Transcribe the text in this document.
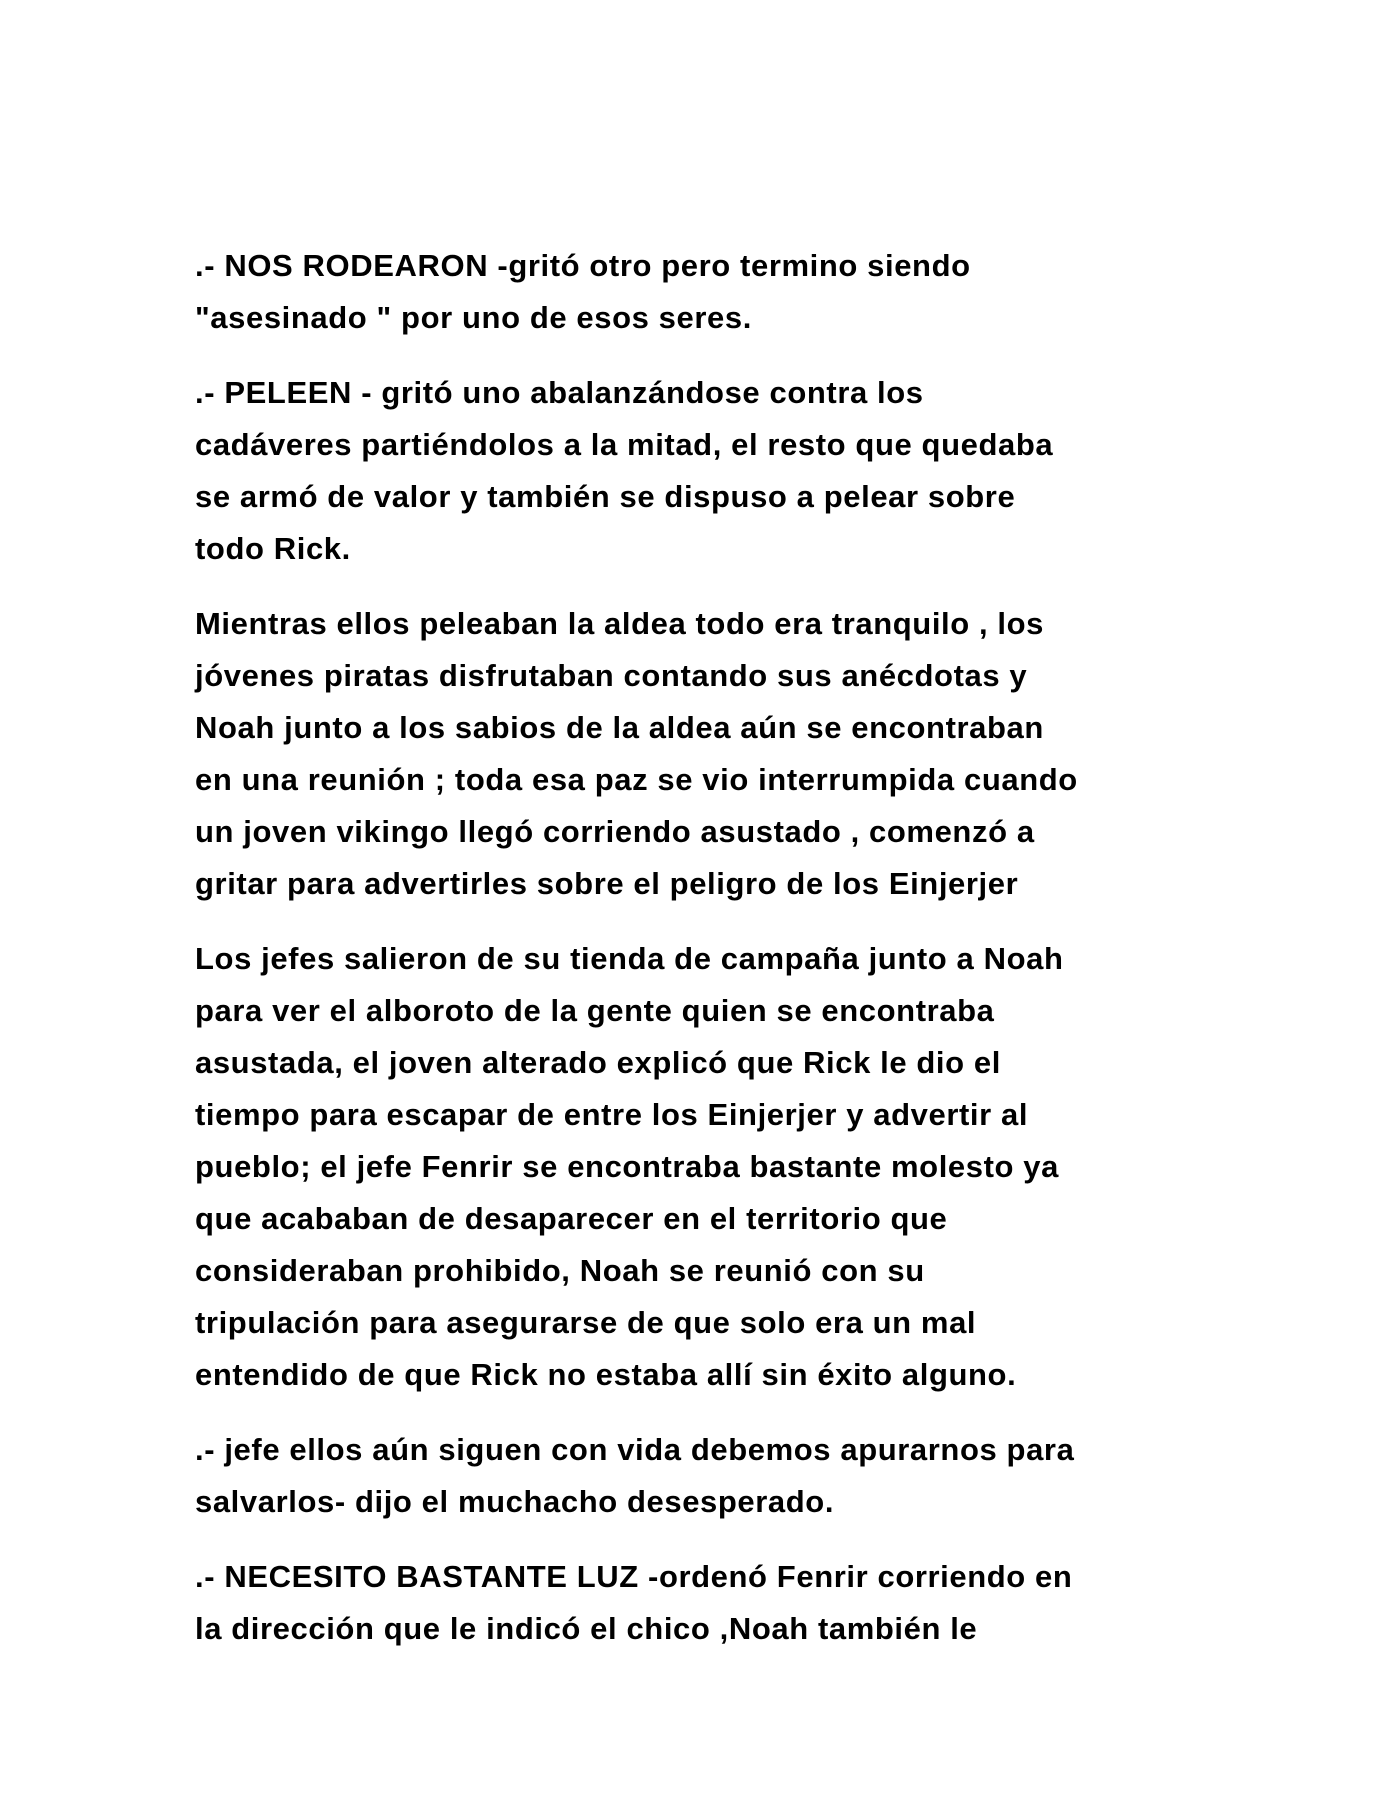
.- NOS RODEARON -gritó otro pero termino siendo
"asesinado " por uno de esos seres.

.- PELEEN - gritó uno abalanzándose contra los
cadáveres partiéndolos a la mitad, el resto que quedaba
se armó de valor y también se dispuso a pelear sobre
todo Rick.

Mientras ellos peleaban la aldea todo era tranquilo , los
jóvenes piratas disfrutaban contando sus anécdotas y
Noah junto a los sabios de la aldea aún se encontraban
en una reunión ; toda esa paz se vio interrumpida cuando
un joven vikingo llegó corriendo asustado , comenzó a
gritar para advertirles sobre el peligro de los Einjerjer

Los jefes salieron de su tienda de campaña junto a Noah
para ver el alboroto de la gente quien se encontraba
asustada, el joven alterado explicó que Rick le dio el
tiempo para escapar de entre los Einjerjer y advertir al
pueblo; el jefe Fenrir se encontraba bastante molesto ya
que acababan de desaparecer en el territorio que
consideraban prohibido, Noah se reunió con su
tripulación para asegurarse de que solo era un mal
entendido de que Rick no estaba allí sin éxito alguno.

.- jefe ellos aún siguen con vida debemos apurarnos para
salvarlos- dijo el muchacho desesperado.

.- NECESITO BASTANTE LUZ -ordenó Fenrir corriendo en
la dirección que le indicó el chico ,Noah también le
